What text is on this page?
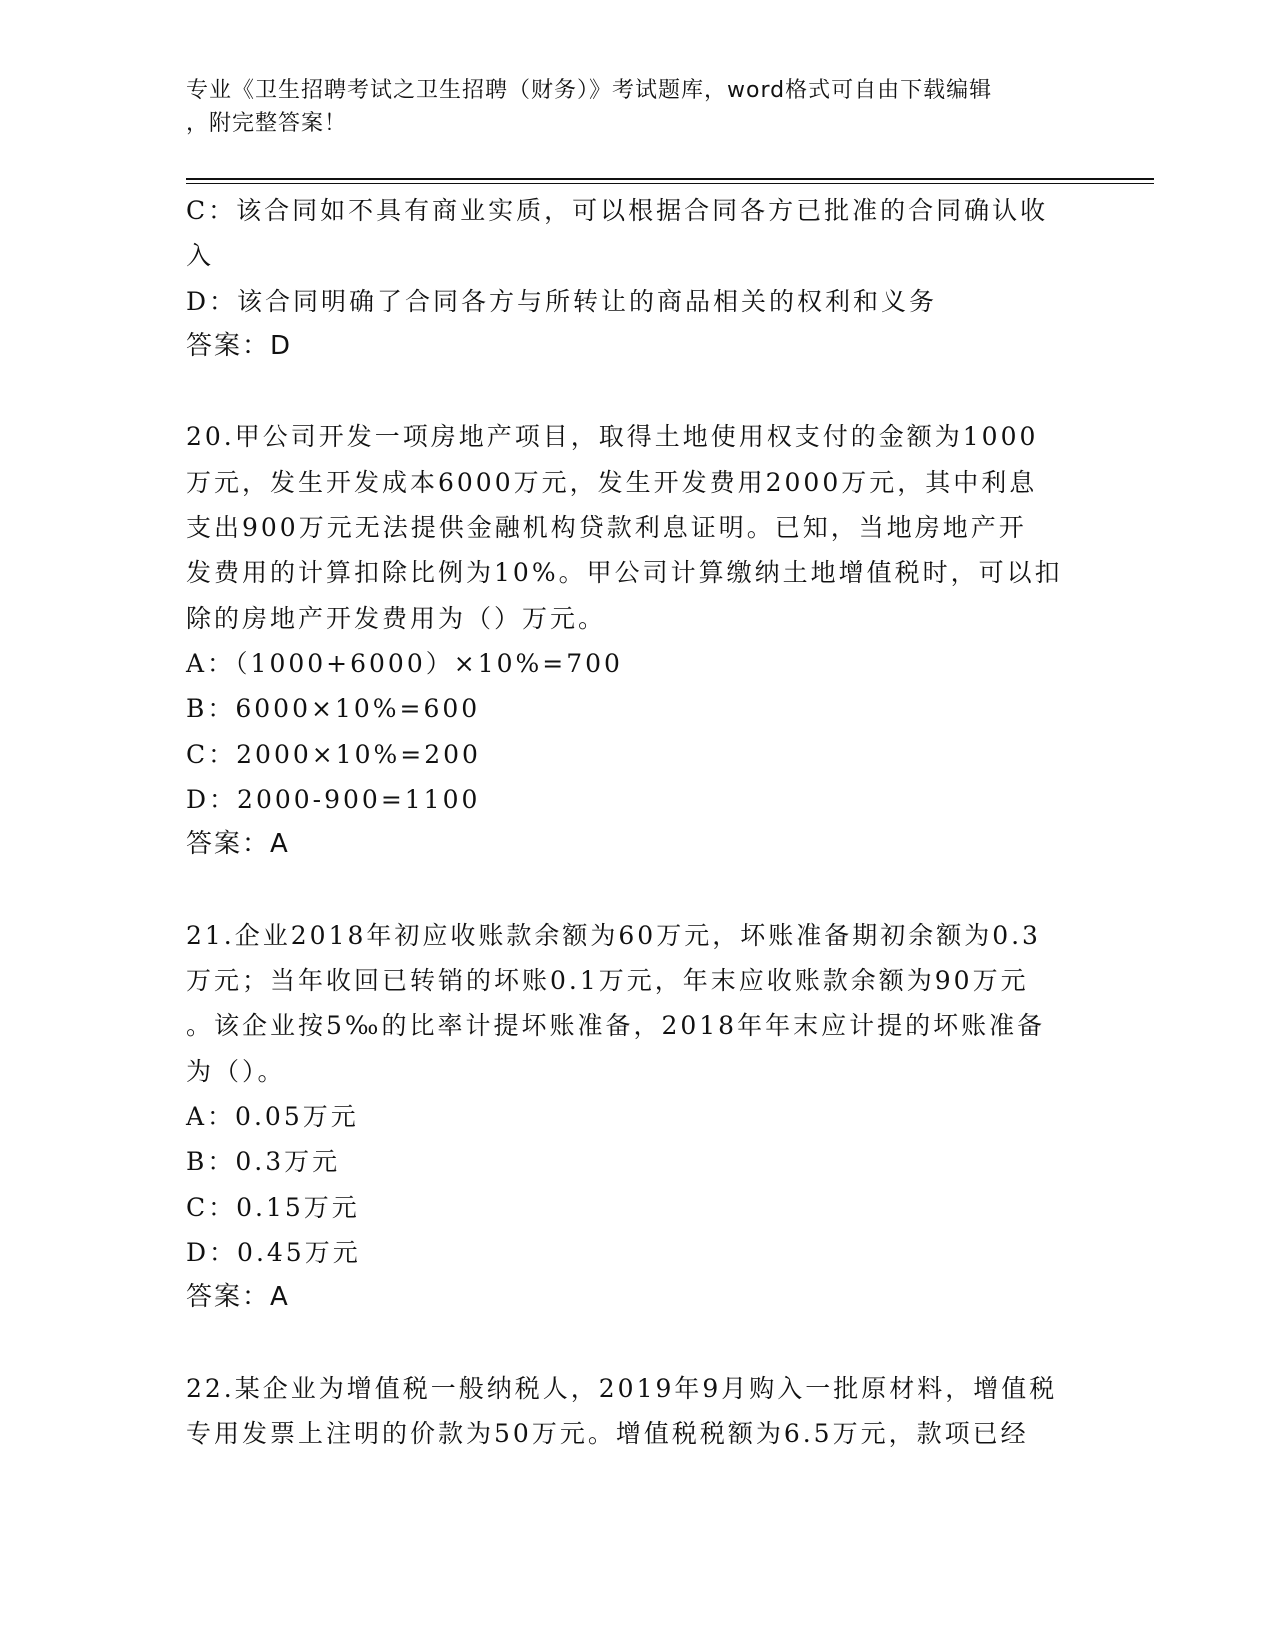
专业《卫生招聘考试之卫生招聘（财务）》考试题库，word格式可自由下载编辑
，附完整答案！
C：该合同如不具有商业实质，可以根据合同各方已批准的合同确认收
入
D：该合同明确了合同各方与所转让的商品相关的权利和义务
答案：D
20.甲公司开发一项房地产项目，取得土地使用权支付的金额为1000
万元，发生开发成本6000万元，发生开发费用2000万元，其中利息
支出900万元无法提供金融机构贷款利息证明。已知，当地房地产开
发费用的计算扣除比例为10%。甲公司计算缴纳土地增值税时，可以扣
除的房地产开发费用为（）万元。
A：（1000+6000）×10%=700
B：6000×10%=600
C：2000×10%=200
D：2000-900=1100
答案：A
21.企业2018年初应收账款余额为60万元，坏账准备期初余额为0.3
万元；当年收回已转销的坏账0.1万元，年末应收账款余额为90万元
。该企业按5‰的比率计提坏账准备，2018年年末应计提的坏账准备
为（）。
A：0.05万元
B：0.3万元
C：0.15万元
D：0.45万元
答案：A
22.某企业为增值税一般纳税人，2019年9月购入一批原材料，增值税
专用发票上注明的价款为50万元。增值税税额为6.5万元，款项已经
